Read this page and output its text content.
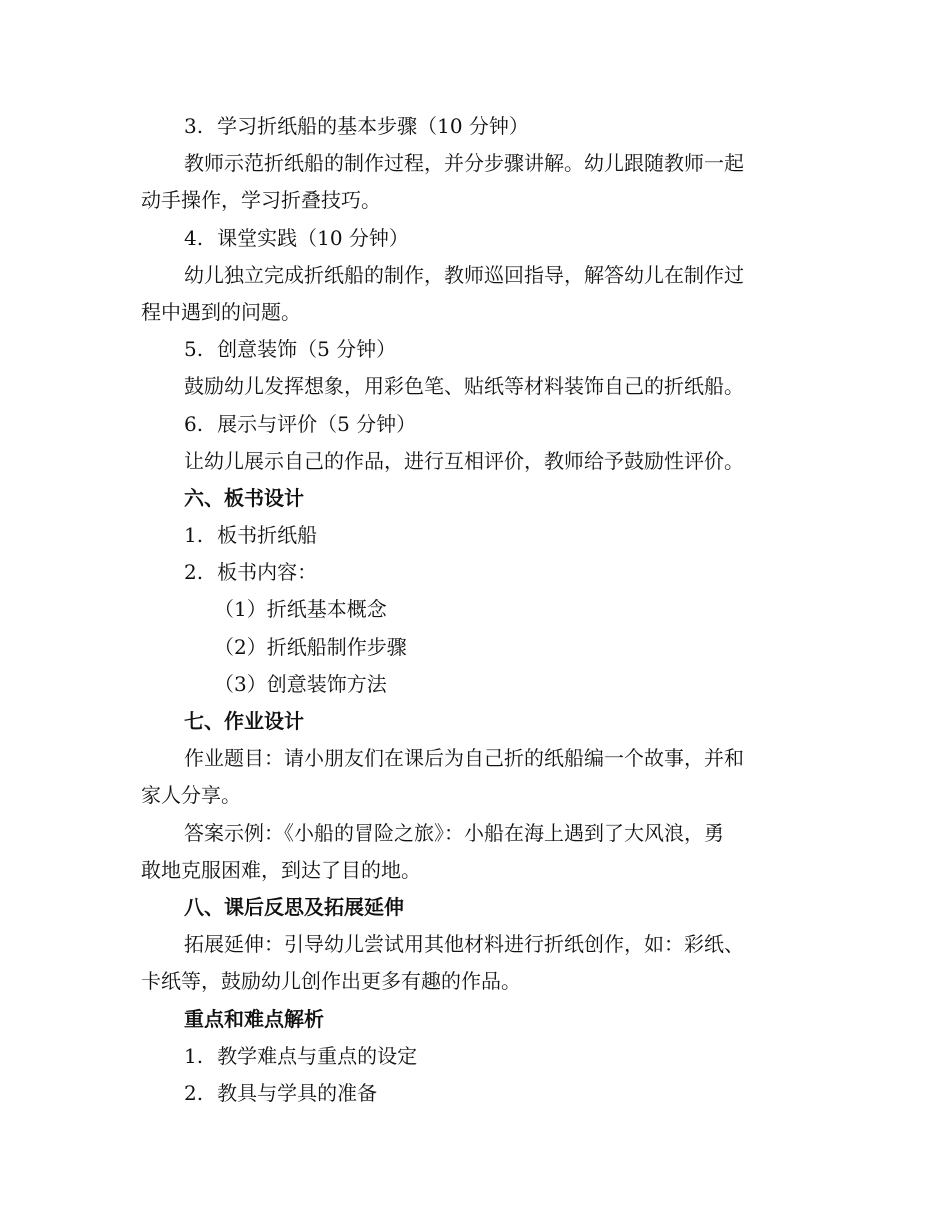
3. 学习折纸船的基本步骤（10 分钟）
教师示范折纸船的制作过程，并分步骤讲解。幼儿跟随教师一起
动手操作，学习折叠技巧。
4. 课堂实践（10 分钟）
幼儿独立完成折纸船的制作，教师巡回指导，解答幼儿在制作过
程中遇到的问题。
5. 创意装饰（5 分钟）
鼓励幼儿发挥想象，用彩色笔、贴纸等材料装饰自己的折纸船。
6. 展示与评价（5 分钟）
让幼儿展示自己的作品，进行互相评价，教师给予鼓励性评价。
六、板书设计
1. 板书折纸船
2. 板书内容：
（1）折纸基本概念
（2）折纸船制作步骤
（3）创意装饰方法
七、作业设计
作业题目：请小朋友们在课后为自己折的纸船编一个故事，并和
家人分享。
答案示例：《小船的冒险之旅》：小船在海上遇到了大风浪，勇
敢地克服困难，到达了目的地。
八、课后反思及拓展延伸
拓展延伸：引导幼儿尝试用其他材料进行折纸创作，如：彩纸、
卡纸等，鼓励幼儿创作出更多有趣的作品。
重点和难点解析
1. 教学难点与重点的设定
2. 教具与学具的准备
